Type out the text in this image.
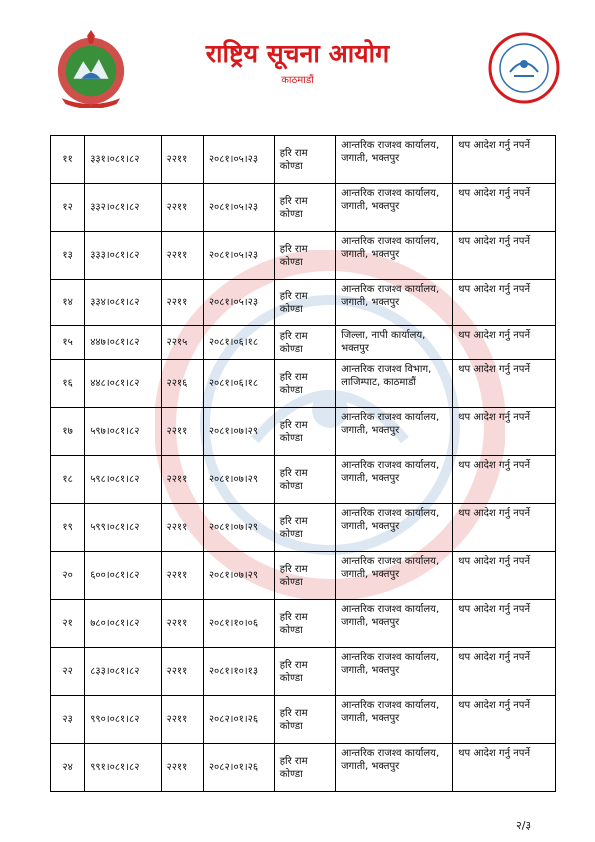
राष्ट्रिय सूचना आयोग
काठमाडौं
११	३३१।०८१।८२	२२११	२०८१।०५।२३	हरि राम कोण्डा	आन्तरिक राजश्व कार्यालय, जगाती, भक्तपुर	थप आदेश गर्नु नपर्ने
१२	३३२।०८१।८२	२२११	२०८१।०५।२३	हरि राम कोण्डा	आन्तरिक राजश्व कार्यालय, जगाती, भक्तपुर	थप आदेश गर्नु नपर्ने
१३	३३३।०८१।८२	२२११	२०८१।०५।२३	हरि राम कोण्डा	आन्तरिक राजश्व कार्यालय, जगाती, भक्तपुर	थप आदेश गर्नु नपर्ने
१४	३३४।०८१।८२	२२११	२०८१।०५।२३	हरि राम कोण्डा	आन्तरिक राजश्व कार्यालय, जगाती, भक्तपुर	थप आदेश गर्नु नपर्ने
१५	४४७।०८१।८२	२२१५	२०८१।०६।१८	हरि राम कोण्डा	जिल्ला, नापी कार्यालय, भक्तपुर	थप आदेश गर्नु नपर्ने
१६	४४८।०८१।८२	२२१६	२०८१।०६।१८	हरि राम कोण्डा	आन्तरिक राजश्व विभाग, लाजिम्पाट, काठमाडौं	थप आदेश गर्नु नपर्ने
१७	५९७।०८१।८२	२२११	२०८१।०७।२९	हरि राम कोण्डा	आन्तरिक राजश्व कार्यालय, जगाती, भक्तपुर	थप आदेश गर्नु नपर्ने
१८	५९८।०८१।८२	२२११	२०८१।०७।२९	हरि राम कोण्डा	आन्तरिक राजश्व कार्यालय, जगाती, भक्तपुर	थप आदेश गर्नु नपर्ने
१९	५९९।०८१।८२	२२११	२०८१।०७।२९	हरि राम कोण्डा	आन्तरिक राजश्व कार्यालय, जगाती, भक्तपुर	थप आदेश गर्नु नपर्ने
२०	६००।०८१।८२	२२११	२०८१।०७।२९	हरि राम कोण्डा	आन्तरिक राजश्व कार्यालय, जगाती, भक्तपुर	थप आदेश गर्नु नपर्ने
२१	७८०।०८१।८२	२२११	२०८१।१०।०६	हरि राम कोण्डा	आन्तरिक राजश्व कार्यालय, जगाती, भक्तपुर	थप आदेश गर्नु नपर्ने
२२	८३३।०८१।८२	२२११	२०८१।१०।१३	हरि राम कोण्डा	आन्तरिक राजश्व कार्यालय, जगाती, भक्तपुर	थप आदेश गर्नु नपर्ने
२३	९९०।०८१।८२	२२११	२०८२।०१।२६	हरि राम कोण्डा	आन्तरिक राजश्व कार्यालय, जगाती, भक्तपुर	थप आदेश गर्नु नपर्ने
२४	९९१।०८१।८२	२२११	२०८२।०१।२६	हरि राम कोण्डा	आन्तरिक राजश्व कार्यालय, जगाती, भक्तपुर	थप आदेश गर्नु नपर्ने
२/३
